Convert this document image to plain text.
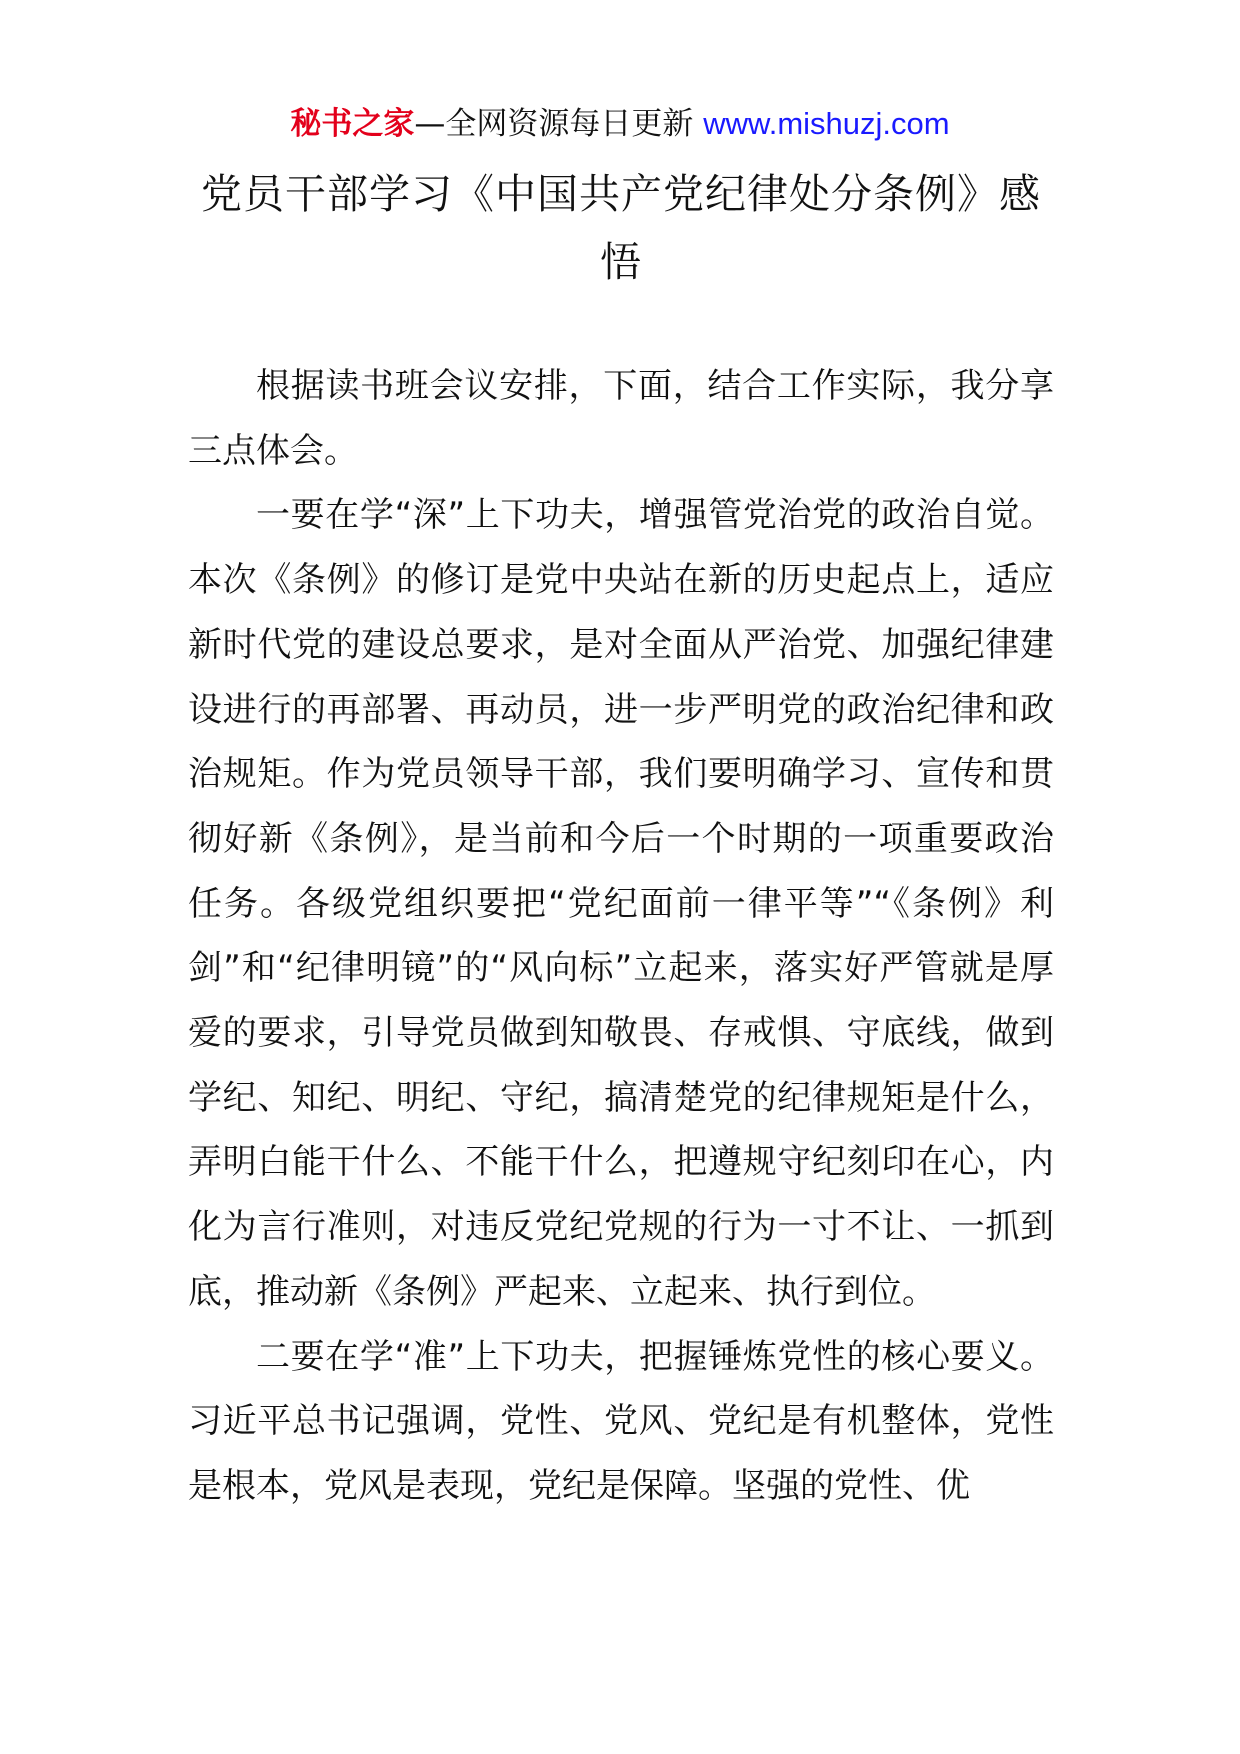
秘书之家—全网资源每日更新 www.mishuzj.com
党员干部学习《中国共产党纪律处分条例》感悟

根据读书班会议安排，下面，结合工作实际，我分享三点体会。

一要在学“深”上下功夫，增强管党治党的政治自觉。本次《条例》的修订是党中央站在新的历史起点上，适应新时代党的建设总要求，是对全面从严治党、加强纪律建设进行的再部署、再动员，进一步严明党的政治纪律和政治规矩。作为党员领导干部，我们要明确学习、宣传和贯彻好新《条例》，是当前和今后一个时期的一项重要政治任务。各级党组织要把“党纪面前一律平等”“《条例》利剑”和“纪律明镜”的“风向标”立起来，落实好严管就是厚爱的要求，引导党员做到知敬畏、存戒惧、守底线，做到学纪、知纪、明纪、守纪，搞清楚党的纪律规矩是什么，弄明白能干什么、不能干什么，把遵规守纪刻印在心，内化为言行准则，对违反党纪党规的行为一寸不让、一抓到底，推动新《条例》严起来、立起来、执行到位。

二要在学“准”上下功夫，把握锤炼党性的核心要义。习近平总书记强调，党性、党风、党纪是有机整体，党性是根本，党风是表现，党纪是保障。坚强的党性、优
